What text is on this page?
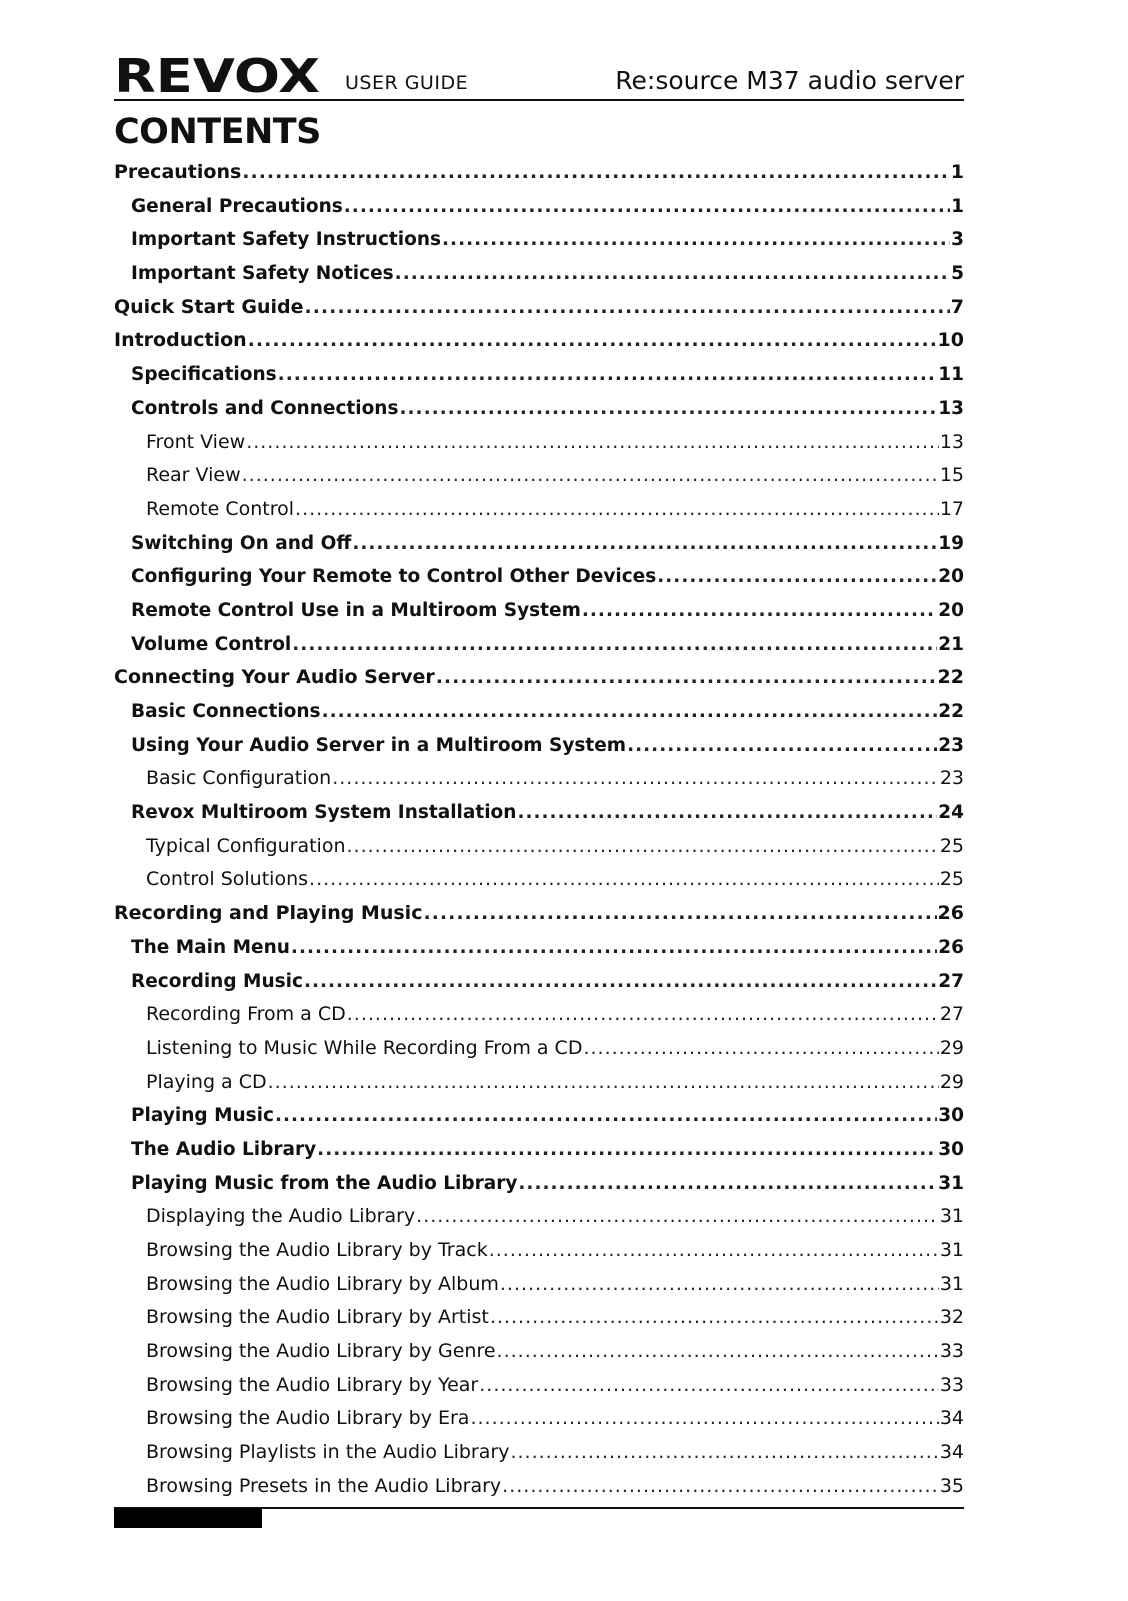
REVOX USER GUIDE	Re:source M37 audio server
CONTENTS
Precautions .....	1
General Precautions .....	1
Important Safety Instructions .....	3
Important Safety Notices .....	5
Quick Start Guide .....	7
Introduction .....	10
Specifications .....	11
Controls and Connections .....	13
Front View .....	13
Rear View .....	15
Remote Control .....	17
Switching On and Off .....	19
Configuring Your Remote to Control Other Devices .....	20
Remote Control Use in a Multiroom System .....	20
Volume Control .....	21
Connecting Your Audio Server .....	22
Basic Connections .....	22
Using Your Audio Server in a Multiroom System .....	23
Basic Configuration .....	23
Revox Multiroom System Installation .....	24
Typical Configuration .....	25
Control Solutions .....	25
Recording and Playing Music .....	26
The Main Menu .....	26
Recording Music .....	27
Recording From a CD .....	27
Listening to Music While Recording From a CD .....	29
Playing a CD .....	29
Playing Music .....	30
The Audio Library .....	30
Playing Music from the Audio Library .....	31
Displaying the Audio Library .....	31
Browsing the Audio Library by Track .....	31
Browsing the Audio Library by Album .....	31
Browsing the Audio Library by Artist .....	32
Browsing the Audio Library by Genre .....	33
Browsing the Audio Library by Year .....	33
Browsing the Audio Library by Era .....	34
Browsing Playlists in the Audio Library .....	34
Browsing Presets in the Audio Library .....	35
